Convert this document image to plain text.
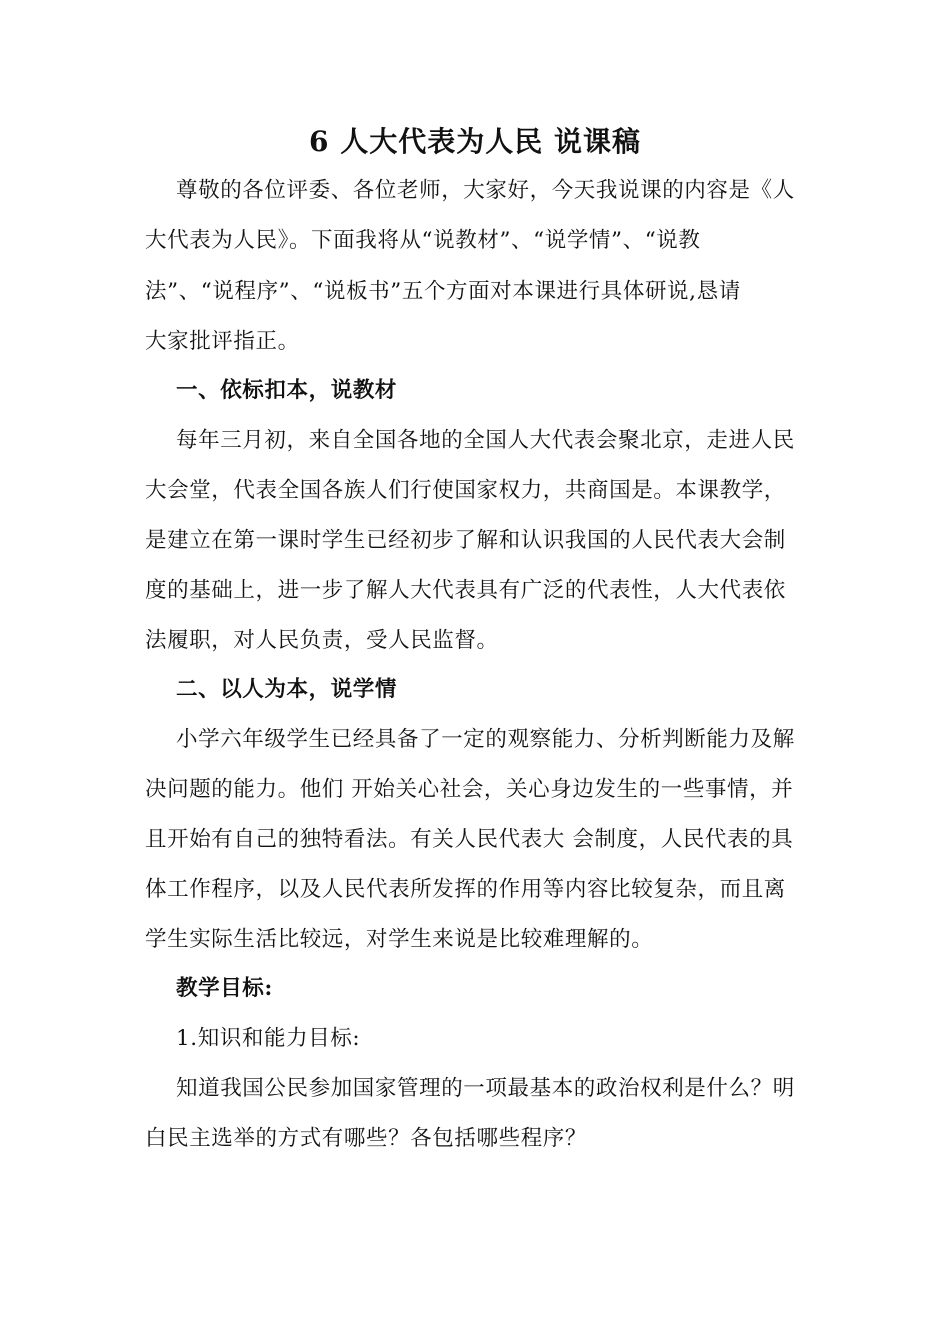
6 人大代表为人民 说课稿

尊敬的各位评委、各位老师，大家好，今天我说课的内容是《人

大代表为人民》。下面我将从“说教材”、“说学情”、“说教

法”、“说程序”、“说板书”五个方面对本课进行具体研说,恳请

大家批评指正。

一、依标扣本，说教材

每年三月初，来自全国各地的全国人大代表会聚北京，走进人民

大会堂，代表全国各族人们行使国家权力，共商国是。本课教学，

是建立在第一课时学生已经初步了解和认识我国的人民代表大会制

度的基础上，进一步了解人大代表具有广泛的代表性，人大代表依

法履职，对人民负责，受人民监督。

二、以人为本，说学情

小学六年级学生已经具备了一定的观察能力、分析判断能力及解

决问题的能力。他们 开始关心社会，关心身边发生的一些事情，并

且开始有自己的独特看法。有关人民代表大 会制度，人民代表的具

体工作程序，以及人民代表所发挥的作用等内容比较复杂，而且离

学生实际生活比较远，对学生来说是比较难理解的。

教学目标:

1.知识和能力目标:

知道我国公民参加国家管理的一项最基本的政治权利是什么？明

白民主选举的方式有哪些？各包括哪些程序？
